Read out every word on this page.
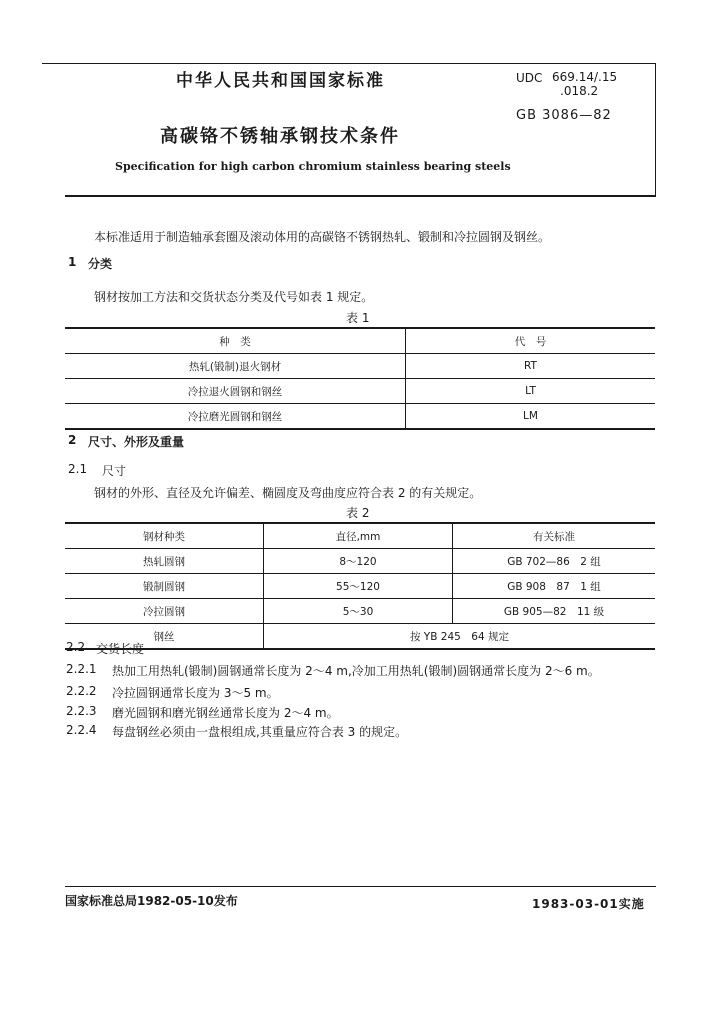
中华人民共和国国家标准	UDC 669.14/.15
.018.2
GB 3086—82
高碳铬不锈轴承钢技术条件
Specification for high carbon chromium stainless bearing steels
本标准适用于制造轴承套圈及滚动体用的高碳铬不锈钢热轧、锻制和冷拉圆钢及钢丝。
1 分类
钢材按加工方法和交货状态分类及代号如表 1 规定。
表 1
种　类	代　号
热轧(锻制)退火钢材	RT
冷拉退火圆钢和钢丝	LT
冷拉磨光圆钢和钢丝	LM
2 尺寸、外形及重量
2.1 尺寸
钢材的外形、直径及允许偏差、椭圆度及弯曲度应符合表 2 的有关规定。
表 2
钢材种类	直径,mm	有关标准
热轧圆钢	8～120	GB 702—86　2 组
锻制圆钢	55～120	GB 908　87　1 组
冷拉圆钢	5～30	GB 905—82　11 级
钢丝	按 YB 245　64 规定	
2.2 交货长度
2.2.1 热加工用热轧(锻制)圆钢通常长度为 2～4 m,冷加工用热轧(锻制)圆钢通常长度为 2～6 m。
2.2.2 冷拉圆钢通常长度为 3～5 m。
2.2.3 磨光圆钢和磨光钢丝通常长度为 2～4 m。
2.2.4 每盘钢丝必须由一盘根组成,其重量应符合表 3 的规定。
国家标准总局1982-05-10发布	1983-03-01实施
